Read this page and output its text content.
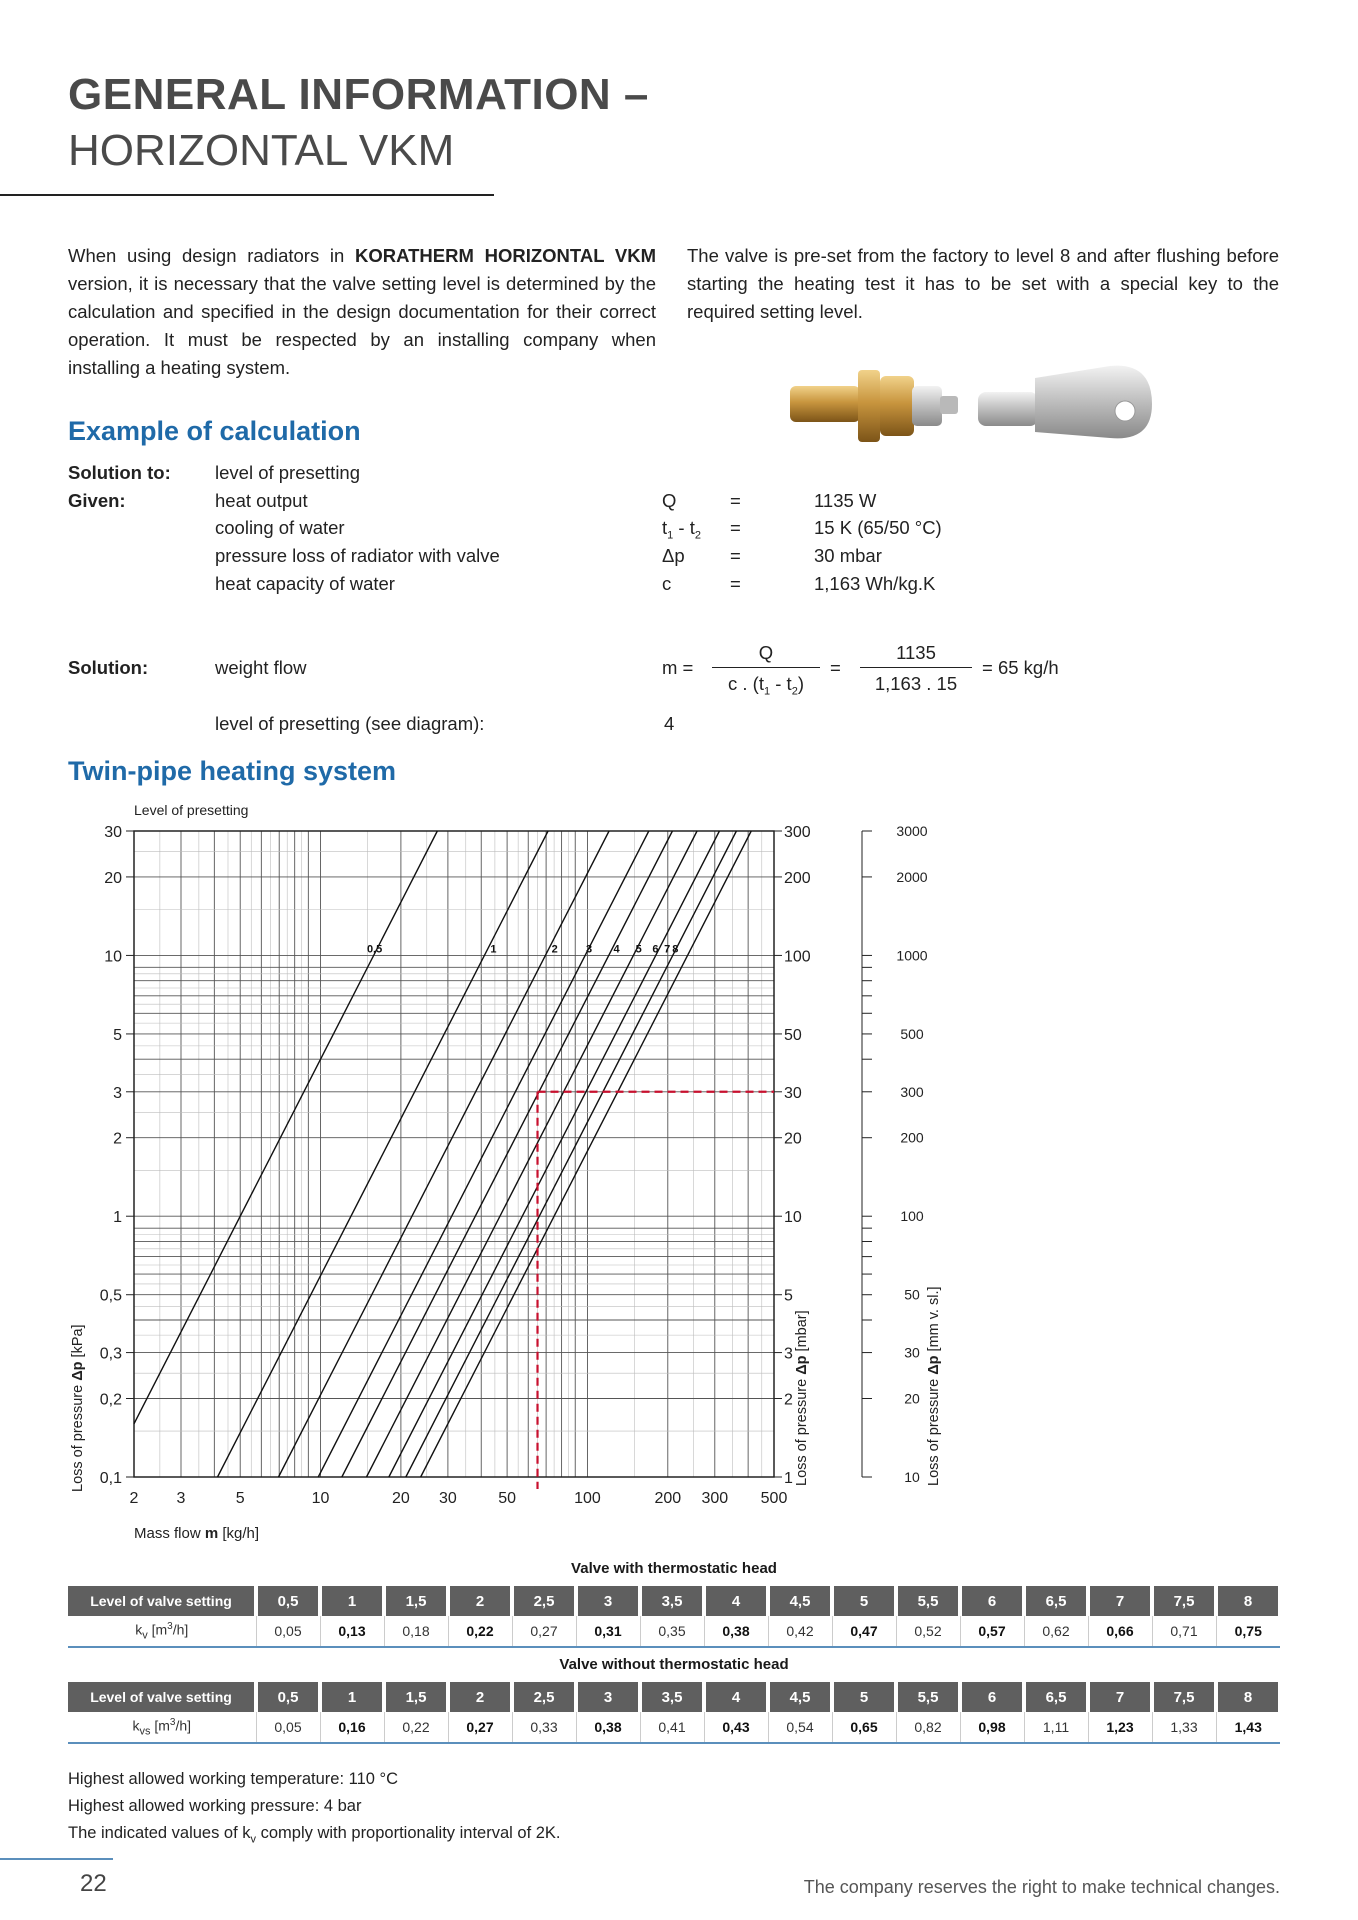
GENERAL INFORMATION –
HORIZONTAL VKM
When using design radiators in KORATHERM HORIZONTAL VKM version, it is necessary that the valve setting level is determined by the calculation and specified in the design documentation for their correct operation. It must be respected by an installing company when installing a heating system.
The valve is pre-set from the factory to level 8 and after flushing before starting the heating test it has to be set with a special key to the required setting level.
Example of calculation
Solution to: level of presetting
Given:	heat output	Q	=	1135 W
cooling of water	$t_1 - t_2$ =	15 K (65/50 °C)
pressure loss of radiator with valve	Δp =	30 mbar
heat capacity of water	c	=	1,163 Wh/kg.K
Solution:	weight flow	m =
Q
c . $(t_1 - t_2)$
=
1135
1,163 . 15
= 65 kg/h
level of presetting (see diagram):	4
Twin-pipe heating system
0,5	1	2	3 4 5 6 7 8
2 3	5	10	20 30	50	100	200 300 500
30	300
20	200
10	100
5	50
3	30
2	20
1	10
0,5	5
0,3	3
0,2	2
0,1	1
3000
2000
1000
500
300
200
100
50
30
20
10
Level of presetting
Mass flow m [kg/h]
Loss of pressure Δp [kPa]
Loss of pressure Δp [mbar]
Loss of pressure Δp [mm v. sl.]
Valve with thermostatic head
Level of valve setting	0,5	1	1,5	2	2,5	3	3,5	4	4,5	5	5,5	6	6,5	7	7,5	8
$k_v$ $[m^3/h]$	0,05	0,13	0,18	0,22	0,27	0,31	0,35	0,38	0,42	0,47	0,52	0,57	0,62	0,66	0,71	0,75
Valve without thermostatic head
Level of valve setting	0,5	1	1,5	2	2,5	3	3,5	4	4,5	5	5,5	6	6,5	7	7,5	8
$k_{vs}$ $[m^3/h]$	0,05	0,16	0,22	0,27	0,33	0,38	0,41	0,43	0,54	0,65	0,82	0,98	1,11	1,23	1,33	1,43
Highest allowed working temperature: 110 °C
Highest allowed working pressure: 4 bar
The indicated values of $k_v$ comply with proportionality interval of 2K.
22	The company reserves the right to make technical changes.
